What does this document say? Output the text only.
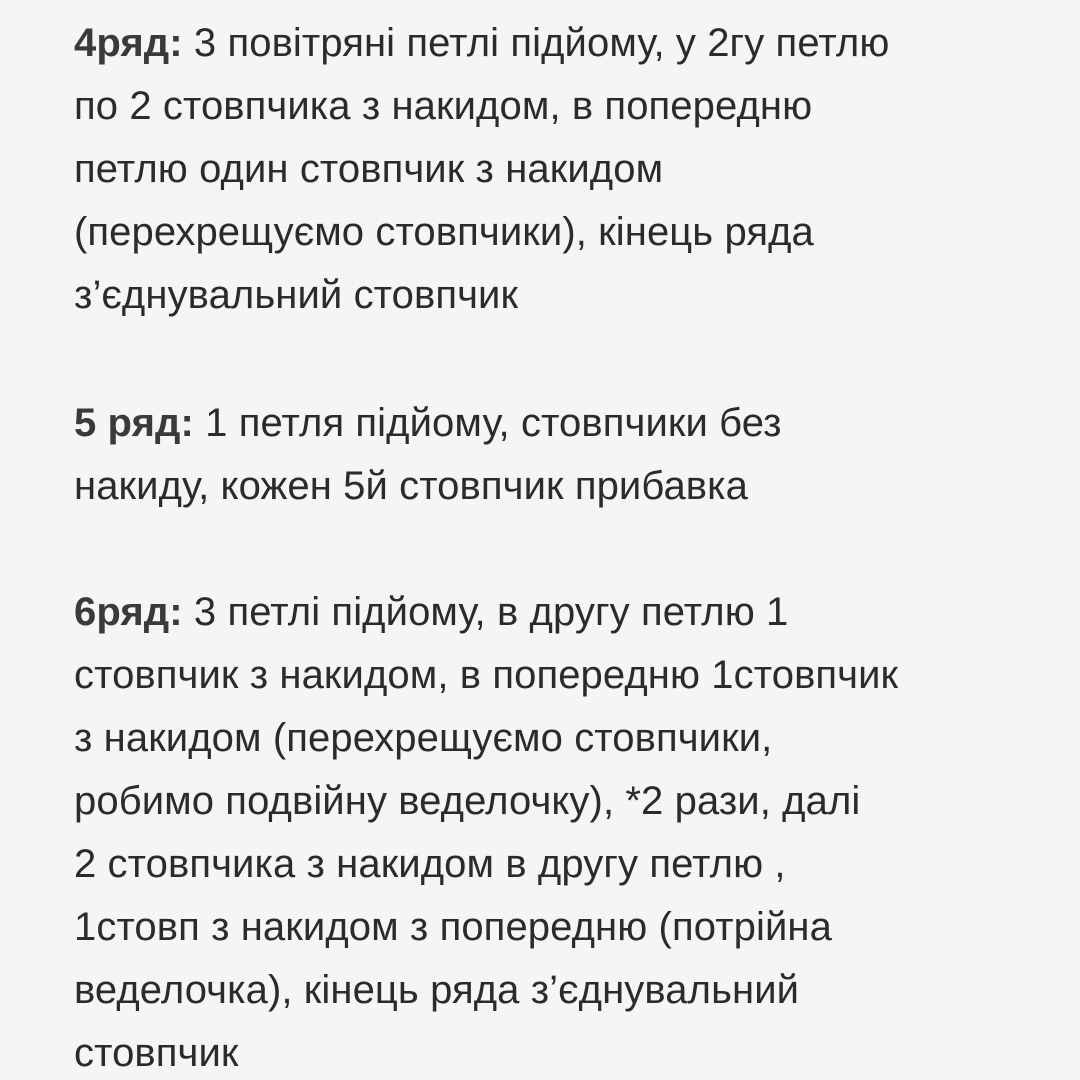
4ряд: 3 повітряні петлі підйому, у 2гу петлю
по 2 стовпчика з накидом, в попередню
петлю один стовпчик з накидом
(перехрещуємо стовпчики), кінець ряда
з’єднувальний стовпчик
5 ряд: 1 петля підйому, стовпчики без
накиду, кожен 5й стовпчик прибавка
6ряд: 3 петлі підйому, в другу петлю 1
стовпчик з накидом, в попередню 1стовпчик
з накидом (перехрещуємо стовпчики,
робимо подвійну веделочку), *2 рази, далі
2 стовпчика з накидом в другу петлю ,
1стовп з накидом з попередню (потрійна
веделочка), кінець ряда з’єднувальний
стовпчик
